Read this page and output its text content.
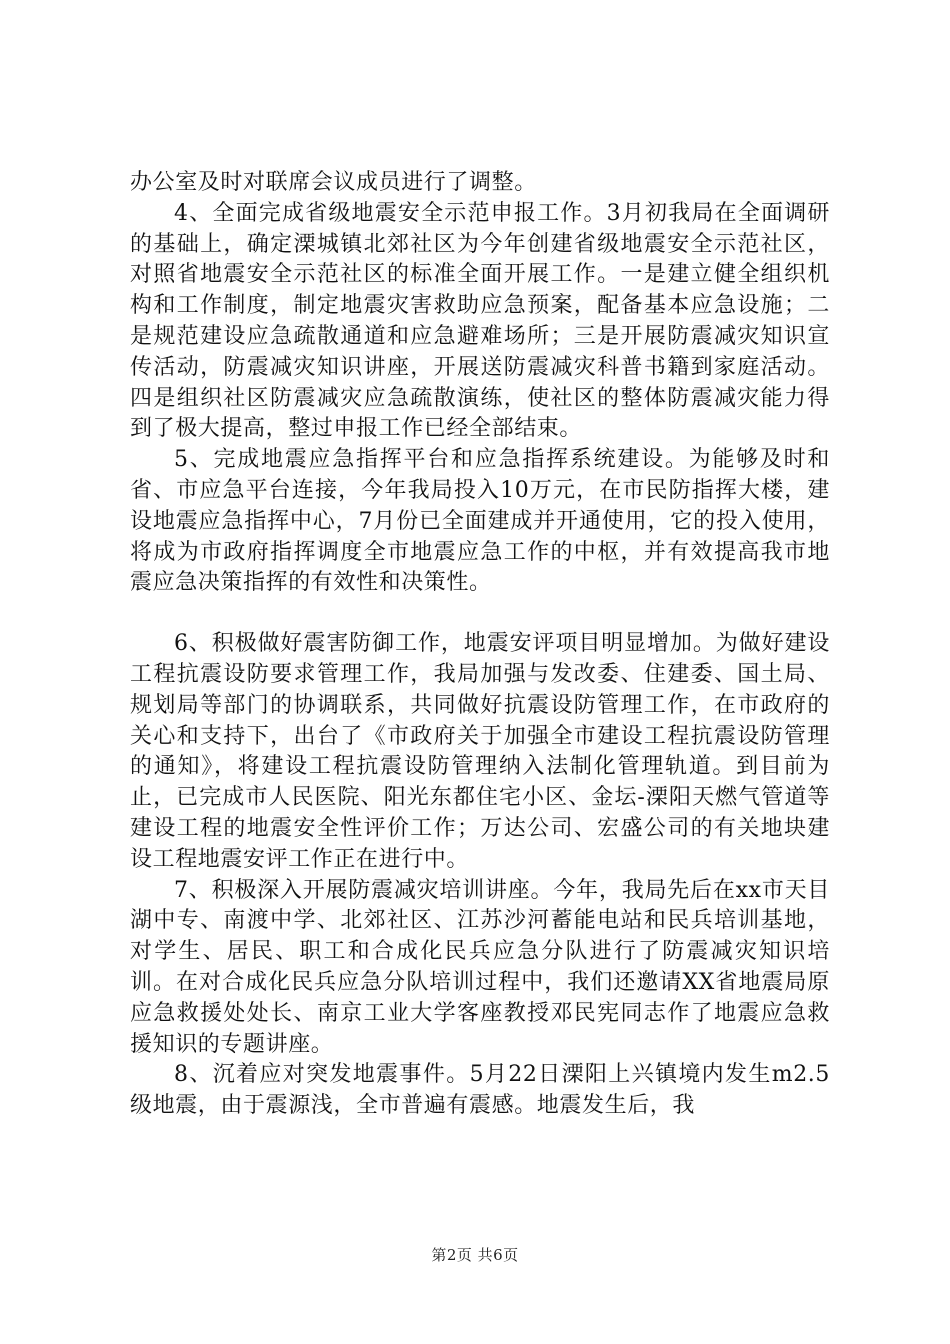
办公室及时对联席会议成员进行了调整。

4、全面完成省级地震安全示范申报工作。3月初我局在全面调研的基础上，确定溧城镇北郊社区为今年创建省级地震安全示范社区，对照省地震安全示范社区的标准全面开展工作。一是建立健全组织机构和工作制度，制定地震灾害救助应急预案，配备基本应急设施；二是规范建设应急疏散通道和应急避难场所；三是开展防震减灾知识宣传活动，防震减灾知识讲座，开展送防震减灾科普书籍到家庭活动。四是组织社区防震减灾应急疏散演练，使社区的整体防震减灾能力得到了极大提高，整过申报工作已经全部结束。

5、完成地震应急指挥平台和应急指挥系统建设。为能够及时和省、市应急平台连接，今年我局投入10万元，在市民防指挥大楼，建设地震应急指挥中心，7月份已全面建成并开通使用，它的投入使用，将成为市政府指挥调度全市地震应急工作的中枢，并有效提高我市地震应急决策指挥的有效性和决策性。

6、积极做好震害防御工作，地震安评项目明显增加。为做好建设工程抗震设防要求管理工作，我局加强与发改委、住建委、国土局、规划局等部门的协调联系，共同做好抗震设防管理工作，在市政府的关心和支持下，出台了《市政府关于加强全市建设工程抗震设防管理的通知》，将建设工程抗震设防管理纳入法制化管理轨道。到目前为止，已完成市人民医院、阳光东都住宅小区、金坛-溧阳天燃气管道等建设工程的地震安全性评价工作；万达公司、宏盛公司的有关地块建设工程地震安评工作正在进行中。

7、积极深入开展防震减灾培训讲座。今年，我局先后在xx市天目湖中专、南渡中学、北郊社区、江苏沙河蓄能电站和民兵培训基地，对学生、居民、职工和合成化民兵应急分队进行了防震减灾知识培训。在对合成化民兵应急分队培训过程中，我们还邀请XX省地震局原应急救援处处长、南京工业大学客座教授邓民宪同志作了地震应急救援知识的专题讲座。

8、沉着应对突发地震事件。5月22日溧阳上兴镇境内发生m2.5级地震，由于震源浅，全市普遍有震感。地震发生后，我

第2页 共6页
